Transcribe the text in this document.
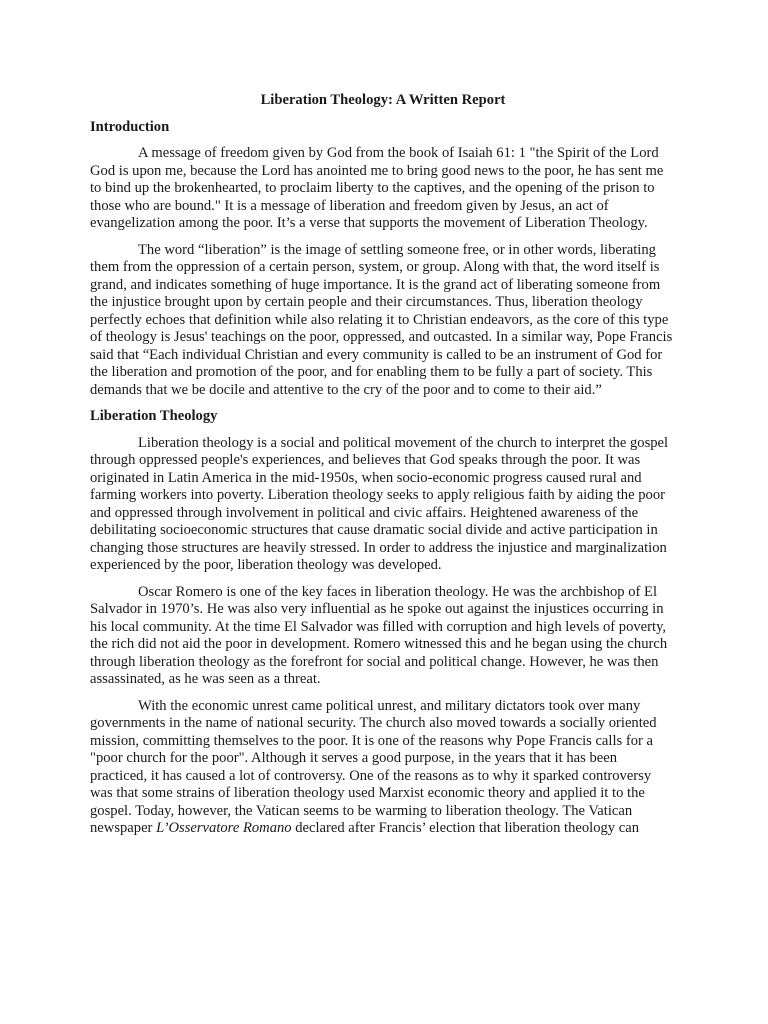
Liberation Theology: A Written Report

Introduction

A message of freedom given by God from the book of Isaiah 61: 1 "the Spirit of the Lord God is upon me, because the Lord has anointed me to bring good news to the poor, he has sent me to bind up the brokenhearted, to proclaim liberty to the captives, and the opening of the prison to those who are bound." It is a message of liberation and freedom given by Jesus, an act of evangelization among the poor. It’s a verse that supports the movement of Liberation Theology.

The word “liberation” is the image of settling someone free, or in other words, liberating them from the oppression of a certain person, system, or group. Along with that, the word itself is grand, and indicates something of huge importance. It is the grand act of liberating someone from the injustice brought upon by certain people and their circumstances. Thus, liberation theology perfectly echoes that definition while also relating it to Christian endeavors, as the core of this type of theology is Jesus' teachings on the poor, oppressed, and outcasted. In a similar way, Pope Francis said that “Each individual Christian and every community is called to be an instrument of God for the liberation and promotion of the poor, and for enabling them to be fully a part of society. This demands that we be docile and attentive to the cry of the poor and to come to their aid.”

Liberation Theology

Liberation theology is a social and political movement of the church to interpret the gospel through oppressed people's experiences, and believes that God speaks through the poor. It was originated in Latin America in the mid-1950s, when socio-economic progress caused rural and farming workers into poverty. Liberation theology seeks to apply religious faith by aiding the poor and oppressed through involvement in political and civic affairs. Heightened awareness of the debilitating socioeconomic structures that cause dramatic social divide and active participation in changing those structures are heavily stressed. In order to address the injustice and marginalization experienced by the poor, liberation theology was developed.

Oscar Romero is one of the key faces in liberation theology. He was the archbishop of El Salvador in 1970’s. He was also very influential as he spoke out against the injustices occurring in his local community. At the time El Salvador was filled with corruption and high levels of poverty, the rich did not aid the poor in development. Romero witnessed this and he began using the church through liberation theology as the forefront for social and political change. However, he was then assassinated, as he was seen as a threat.

With the economic unrest came political unrest, and military dictators took over many governments in the name of national security. The church also moved towards a socially oriented mission, committing themselves to the poor. It is one of the reasons why Pope Francis calls for a "poor church for the poor". Although it serves a good purpose, in the years that it has been practiced, it has caused a lot of controversy. One of the reasons as to why it sparked controversy was that some strains of liberation theology used Marxist economic theory and applied it to the gospel. Today, however, the Vatican seems to be warming to liberation theology. The Vatican newspaper L’Osservatore Romano declared after Francis’ election that liberation theology can
